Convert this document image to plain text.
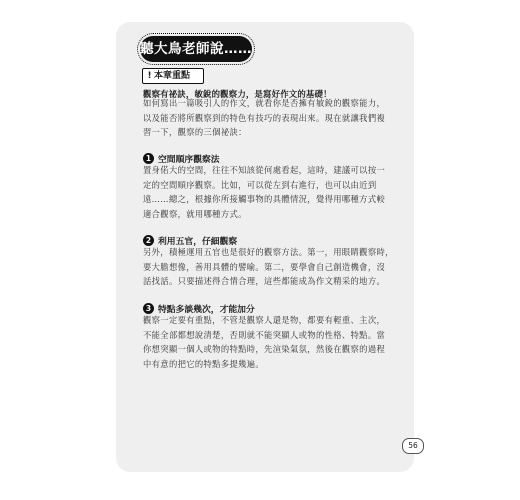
聽大鳥老師說……
! 本章重點
觀察有祕訣，敏銳的觀察力，是寫好作文的基礎！
如何寫出一篇吸引人的作文，就看你是否擁有敏銳的觀察能力，
以及能否將所觀察到的特色有技巧的表現出來。現在就讓我們複
習一下，觀察的三個祕訣：
1 空間順序觀察法
置身偌大的空間，往往不知該從何處看起，這時，建議可以按一
定的空間順序觀察。比如，可以從左到右進行，也可以由近到
遠……總之，根據你所接觸事物的具體情況，覺得用哪種方式較
適合觀察，就用哪種方式。
2 利用五官，仔細觀察
另外，積極運用五官也是很好的觀察方法。第一，用眼睛觀察時，
要大膽想像，善用具體的譬喻。第二，要學會自己創造機會，沒
話找話。只要描述得合情合理，這些都能成為作文精采的地方。
3 特點多談幾次，才能加分
觀察一定要有重點，不管是觀察人還是物，都要有輕重、主次，
不能全部都想說清楚，否則就不能突顯人或物的性格、特點。當
你想突顯一個人或物的特點時，先渲染氣氛，然後在觀察的過程
中有意的把它的特點多提幾遍。
56
